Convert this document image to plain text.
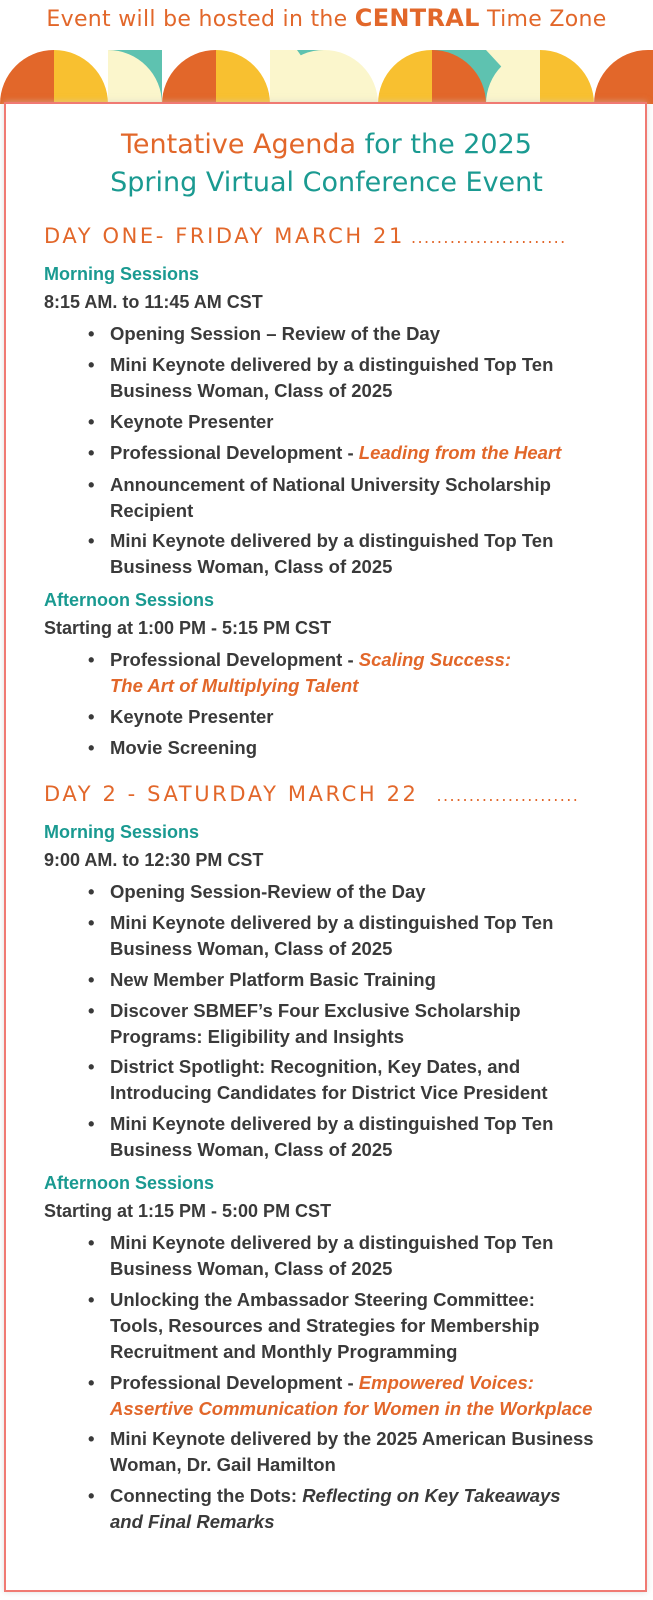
Event will be hosted in the CENTRAL Time Zone
Tentative Agenda for the 2025
Spring Virtual Conference Event
DAY ONE- FRIDAY MARCH 21 ........................
Morning Sessions
8:15 AM. to 11:45 AM CST
• Opening Session – Review of the Day
• Mini Keynote delivered by a distinguished Top Ten
Business Woman, Class of 2025
• Keynote Presenter
• Professional Development - Leading from the Heart
• Announcement of National University Scholarship
Recipient
• Mini Keynote delivered by a distinguished Top Ten
Business Woman, Class of 2025
Afternoon Sessions
Starting at 1:00 PM - 5:15 PM CST
• Professional Development - Scaling Success:
The Art of Multiplying Talent
• Keynote Presenter
• Movie Screening
DAY 2 - SATURDAY MARCH 22 ......................
Morning Sessions
9:00 AM. to 12:30 PM CST
• Opening Session-Review of the Day
• Mini Keynote delivered by a distinguished Top Ten
Business Woman, Class of 2025
• New Member Platform Basic Training
• Discover SBMEF’s Four Exclusive Scholarship
Programs: Eligibility and Insights
• District Spotlight: Recognition, Key Dates, and
Introducing Candidates for District Vice President
• Mini Keynote delivered by a distinguished Top Ten
Business Woman, Class of 2025
Afternoon Sessions
Starting at 1:15 PM - 5:00 PM CST
• Mini Keynote delivered by a distinguished Top Ten
Business Woman, Class of 2025
• Unlocking the Ambassador Steering Committee:
Tools, Resources and Strategies for Membership
Recruitment and Monthly Programming
• Professional Development - Empowered Voices:
Assertive Communication for Women in the Workplace
• Mini Keynote delivered by the 2025 American Business
Woman, Dr. Gail Hamilton
• Connecting the Dots: Reflecting on Key Takeaways
and Final Remarks
